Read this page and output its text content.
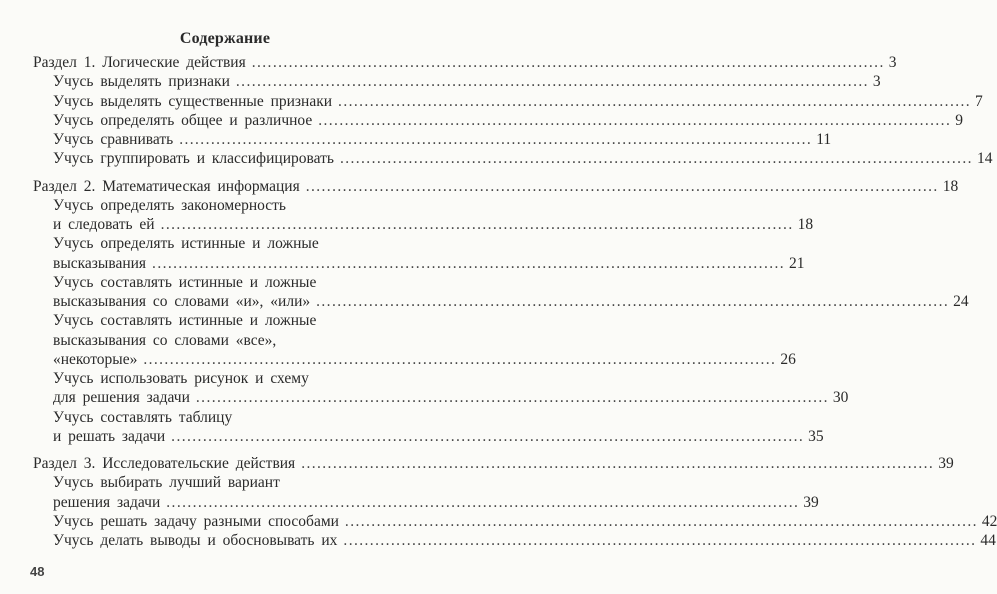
Содержание
Раздел 1. Логические действия ........................................................................................................................ 3
Учусь выделять признаки ........................................................................................................................ 3
Учусь выделять существенные признаки ........................................................................................................................ 7
Учусь определять общее и различное ........................................................................................................................ 9
Учусь сравнивать ........................................................................................................................ 11
Учусь группировать и классифицировать ........................................................................................................................ 14
Раздел 2. Математическая информация ........................................................................................................................ 18
Учусь определять закономерность
и следовать ей ........................................................................................................................ 18
Учусь определять истинные и ложные
высказывания ........................................................................................................................ 21
Учусь составлять истинные и ложные
высказывания со словами «и», «или» ........................................................................................................................ 24
Учусь составлять истинные и ложные
высказывания со словами «все»,
«некоторые» ........................................................................................................................ 26
Учусь использовать рисунок и схему
для решения задачи ........................................................................................................................ 30
Учусь составлять таблицу
и решать задачи ........................................................................................................................ 35
Раздел 3. Исследовательские действия ........................................................................................................................ 39
Учусь выбирать лучший вариант
решения задачи ........................................................................................................................ 39
Учусь решать задачу разными способами ........................................................................................................................ 42
Учусь делать выводы и обосновывать их ........................................................................................................................ 44
48
